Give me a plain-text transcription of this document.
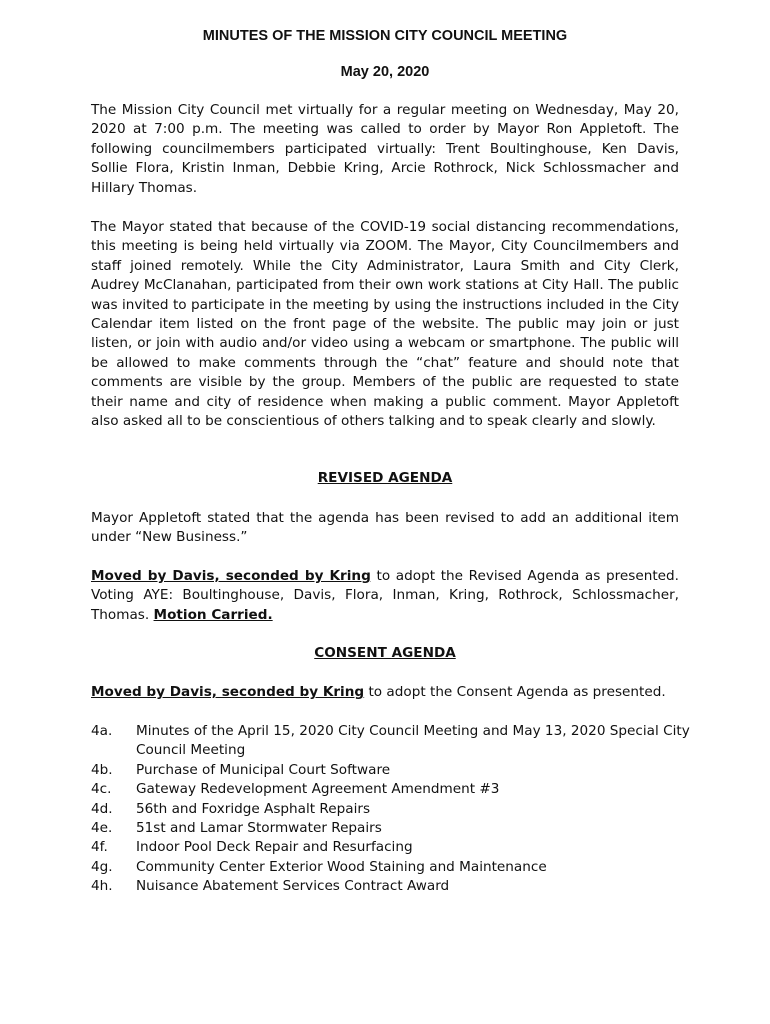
MINUTES OF THE MISSION CITY COUNCIL MEETING
May 20, 2020

The Mission City Council met virtually for a regular meeting on Wednesday, May 20, 2020 at 7:00 p.m. The meeting was called to order by Mayor Ron Appletoft. The following councilmembers participated virtually: Trent Boultinghouse, Ken Davis, Sollie Flora, Kristin Inman, Debbie Kring, Arcie Rothrock, Nick Schlossmacher and Hillary Thomas.

The Mayor stated that because of the COVID-19 social distancing recommendations, this meeting is being held virtually via ZOOM. The Mayor, City Councilmembers and staff joined remotely. While the City Administrator, Laura Smith and City Clerk, Audrey McClanahan, participated from their own work stations at City Hall. The public was invited to participate in the meeting by using the instructions included in the City Calendar item listed on the front page of the website. The public may join or just listen, or join with audio and/or video using a webcam or smartphone. The public will be allowed to make comments through the “chat” feature and should note that comments are visible by the group. Members of the public are requested to state their name and city of residence when making a public comment. Mayor Appletoft also asked all to be conscientious of others talking and to speak clearly and slowly.

REVISED AGENDA

Mayor Appletoft stated that the agenda has been revised to add an additional item under “New Business.”

Moved by Davis, seconded by Kring to adopt the Revised Agenda as presented. Voting AYE: Boultinghouse, Davis, Flora, Inman, Kring, Rothrock, Schlossmacher, Thomas. Motion Carried.

CONSENT AGENDA

Moved by Davis, seconded by Kring to adopt the Consent Agenda as presented.

4a.	Minutes of the April 15, 2020 City Council Meeting and May 13, 2020 Special City Council Meeting
4b.	Purchase of Municipal Court Software
4c.	Gateway Redevelopment Agreement Amendment #3
4d.	56th and Foxridge Asphalt Repairs
4e.	51st and Lamar Stormwater Repairs
4f.	Indoor Pool Deck Repair and Resurfacing
4g.	Community Center Exterior Wood Staining and Maintenance
4h.	Nuisance Abatement Services Contract Award
